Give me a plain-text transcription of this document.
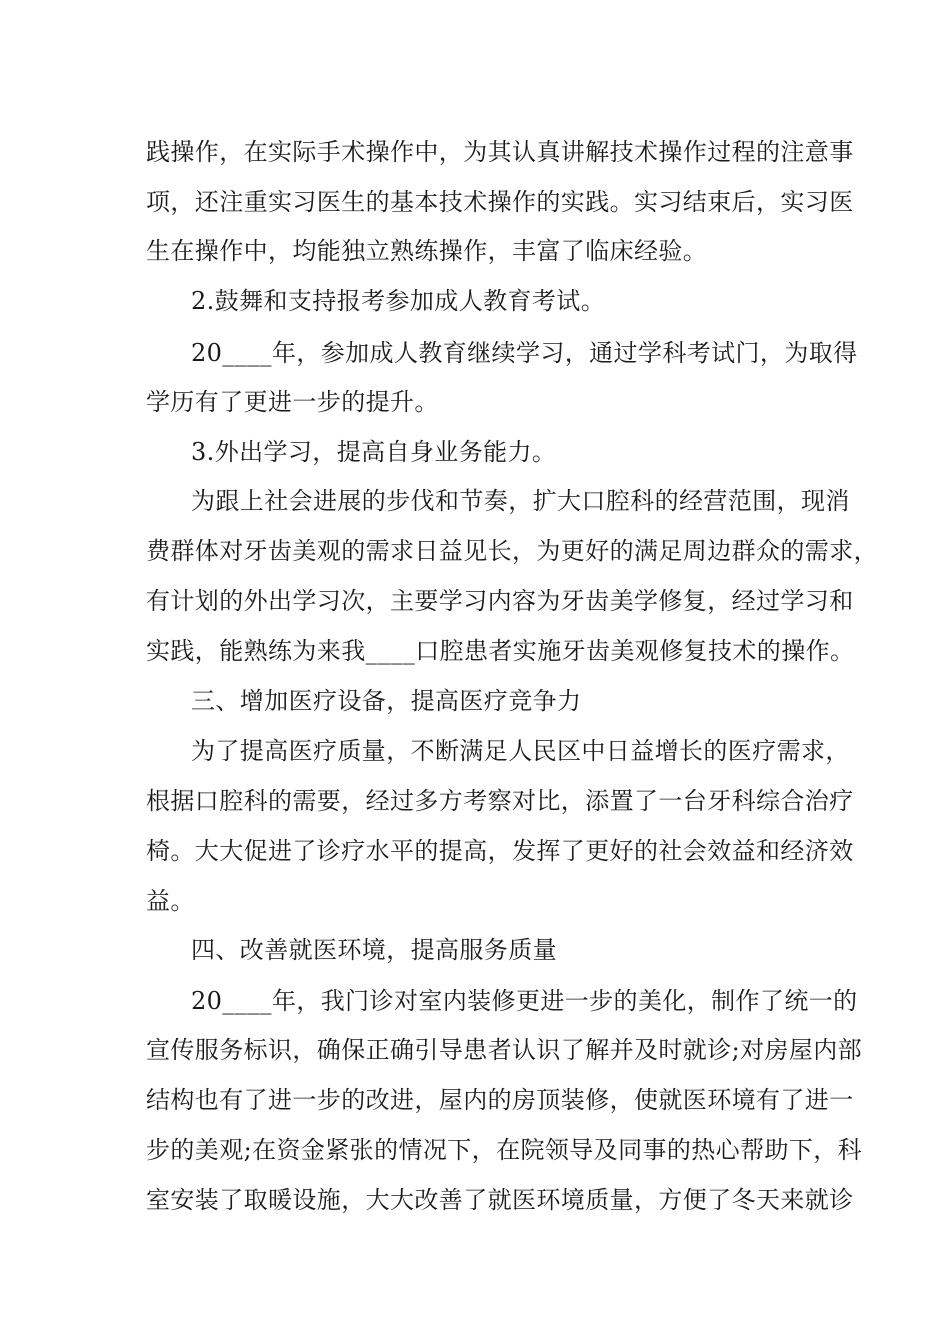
践操作，在实际手术操作中，为其认真讲解技术操作过程的注意事
项，还注重实习医生的基本技术操作的实践。实习结束后，实习医
生在操作中，均能独立熟练操作，丰富了临床经验。
2.鼓舞和支持报考参加成人教育考试。
20____年，参加成人教育继续学习，通过学科考试门，为取得
学历有了更进一步的提升。
3.外出学习，提高自身业务能力。
为跟上社会进展的步伐和节奏，扩大口腔科的经营范围，现消
费群体对牙齿美观的需求日益见长，为更好的满足周边群众的需求，
有计划的外出学习次，主要学习内容为牙齿美学修复，经过学习和
实践，能熟练为来我____口腔患者实施牙齿美观修复技术的操作。
三、增加医疗设备，提高医疗竞争力
为了提高医疗质量，不断满足人民区中日益增长的医疗需求，
根据口腔科的需要，经过多方考察对比，添置了一台牙科综合治疗
椅。大大促进了诊疗水平的提高，发挥了更好的社会效益和经济效
益。
四、改善就医环境，提高服务质量
20____年，我门诊对室内装修更进一步的美化，制作了统一的
宣传服务标识，确保正确引导患者认识了解并及时就诊;对房屋内部
结构也有了进一步的改进，屋内的房顶装修，使就医环境有了进一
步的美观;在资金紧张的情况下，在院领导及同事的热心帮助下，科
室安装了取暖设施，大大改善了就医环境质量，方便了冬天来就诊
